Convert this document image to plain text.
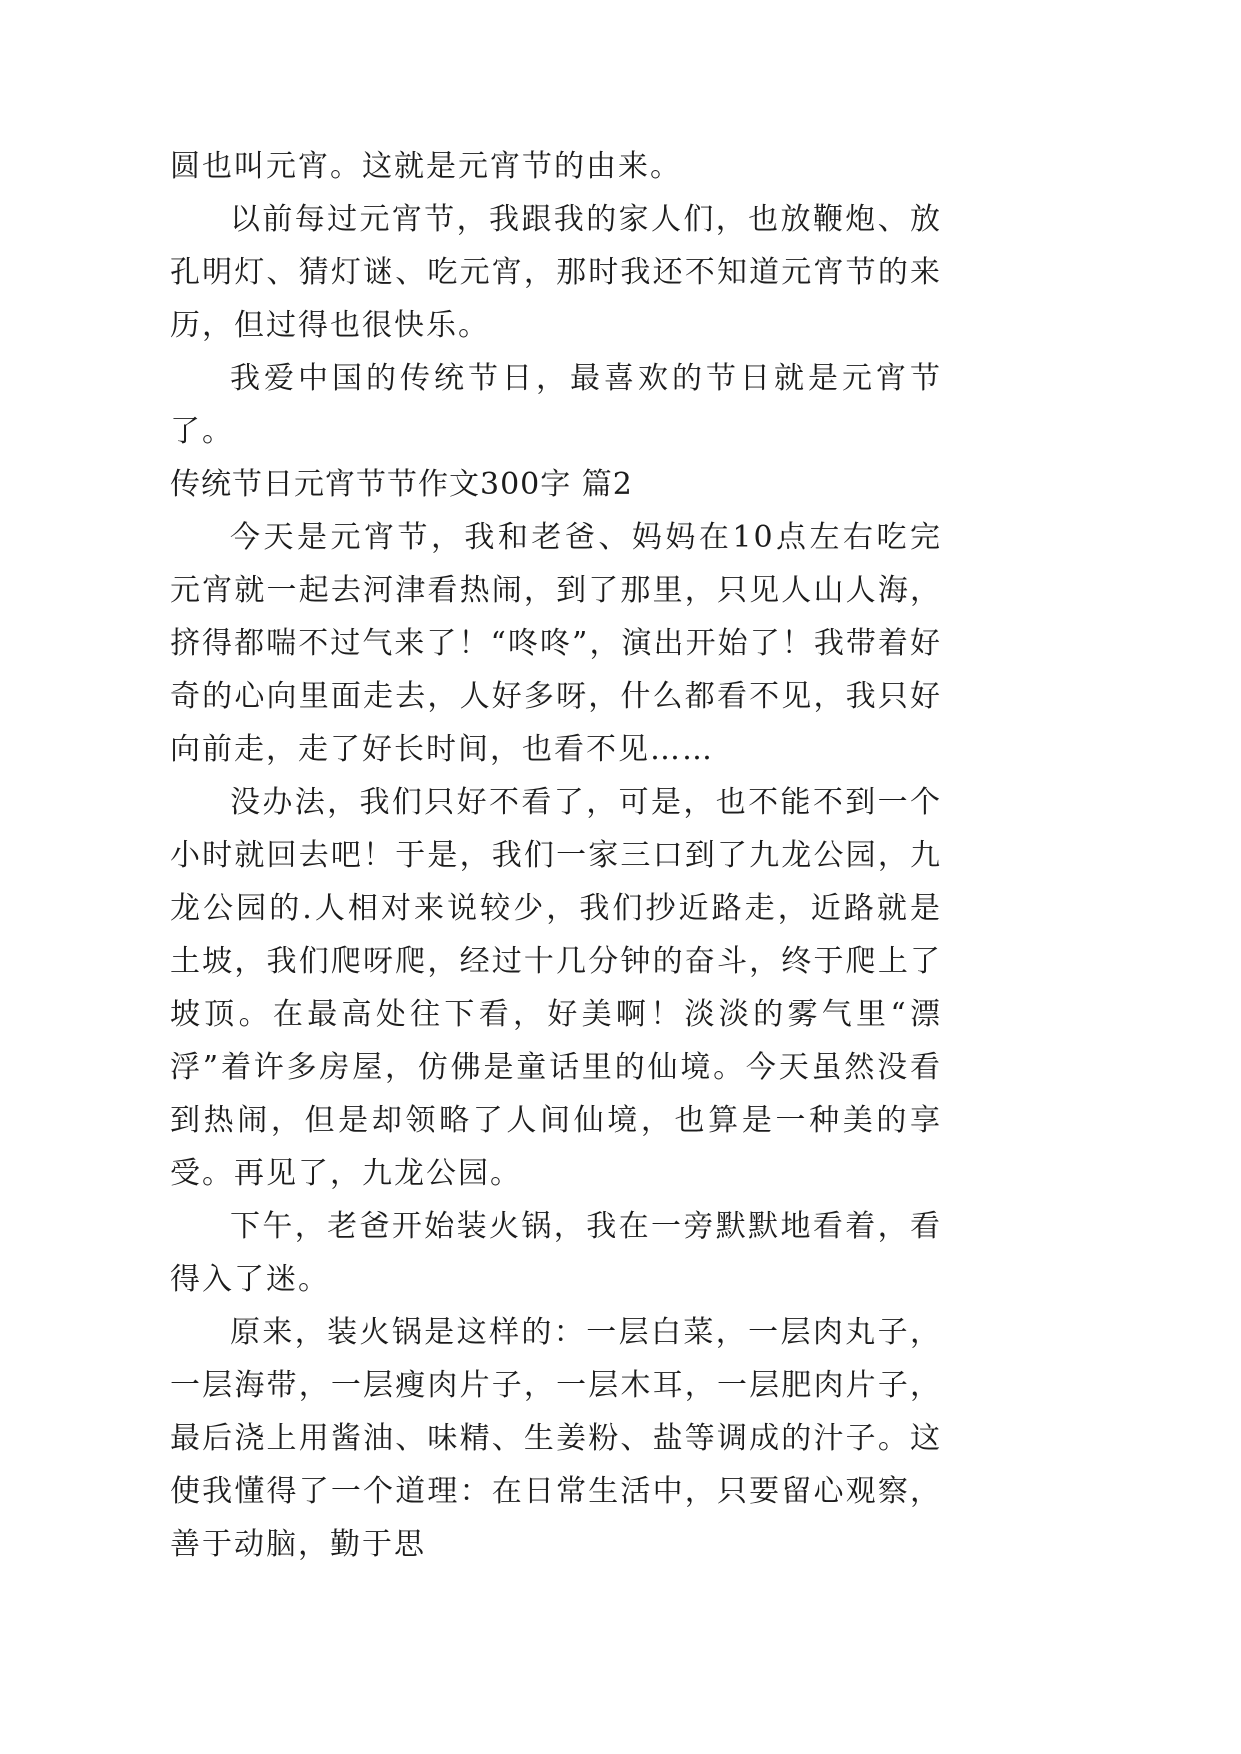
圆也叫元宵。这就是元宵节的由来。

以前每过元宵节，我跟我的家人们，也放鞭炮、放孔明灯、猜灯谜、吃元宵，那时我还不知道元宵节的来历，但过得也很快乐。

我爱中国的传统节日，最喜欢的节日就是元宵节了。

传统节日元宵节节作文300字 篇2

今天是元宵节，我和老爸、妈妈在10点左右吃完元宵就一起去河津看热闹，到了那里，只见人山人海，挤得都喘不过气来了！“咚咚”，演出开始了！我带着好奇的心向里面走去，人好多呀，什么都看不见，我只好向前走，走了好长时间，也看不见……

没办法，我们只好不看了，可是，也不能不到一个小时就回去吧！于是，我们一家三口到了九龙公园，九龙公园的.人相对来说较少，我们抄近路走，近路就是土坡，我们爬呀爬，经过十几分钟的奋斗，终于爬上了坡顶。在最高处往下看，好美啊！淡淡的雾气里“漂浮”着许多房屋，仿佛是童话里的仙境。今天虽然没看到热闹，但是却领略了人间仙境，也算是一种美的享受。再见了，九龙公园。

下午，老爸开始装火锅，我在一旁默默地看着，看得入了迷。

原来，装火锅是这样的：一层白菜，一层肉丸子，一层海带，一层瘦肉片子，一层木耳，一层肥肉片子，最后浇上用酱油、味精、生姜粉、盐等调成的汁子。这使我懂得了一个道理：在日常生活中，只要留心观察，善于动脑，勤于思
